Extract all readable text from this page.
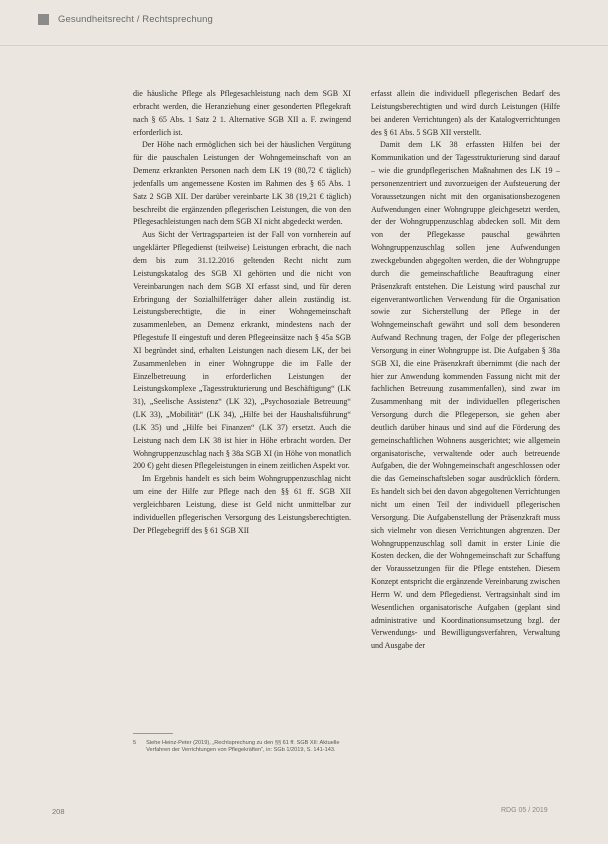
Gesundheitsrecht / Rechtsprechung

die häusliche Pflege als Pflegesachleistung nach dem SGB XI erbracht werden, die Heranziehung einer gesonderten Pflegekraft nach § 65 Abs. 1 Satz 2 1. Alternative SGB XII a. F. zwingend erforderlich ist.

Der Höhe nach ermöglichen sich bei der häuslichen Vergütung für die pauschalen Leistungen der Wohngemeinschaft von an Demenz erkrankten Personen nach dem LK 19 (80,72 € täglich) jedenfalls um angemessene Kosten im Rahmen des § 65 Abs. 1 Satz 2 SGB XII. Der darüber vereinbarte LK 38 (19,21 € täglich) beschreibt die ergänzenden pflegerischen Leistungen, die von den Pflegesachleistungen nach dem SGB XI nicht abgedeckt werden.

Aus Sicht der Vertragsparteien ist der Fall von vornherein auf ungeklärter Pflegedienst (teilweise) Leistungen erbracht, die nach dem bis zum 31.12.2016 geltenden Recht nicht zum Leistungskatalog des SGB XI gehörten und die nicht von Vereinbarungen nach dem SGB XI erfasst sind, und für deren Erbringung der Sozialhilfeträger daher allein zuständig ist. Leistungsberechtigte, die in einer Wohngemeinschaft zusammenleben, an Demenz erkrankt, mindestens nach der Pflegestufe II eingestuft und deren Pflegeeinsätze nach § 45a SGB XI begründet sind, erhalten Leistungen nach diesem LK, der bei Zusammenleben in einer Wohngruppe die im Falle der Einzelbetreuung in erforderlichen Leistungen der Leistungskomplexe „Tagesstrukturierung und Beschäftigung“ (LK 31), „Seelische Assistenz“ (LK 32), „Psychosoziale Betreuung“ (LK 33), „Mobilität“ (LK 34), „Hilfe bei der Haushaltsführung“ (LK 35) und „Hilfe bei Finanzen“ (LK 37) ersetzt. Auch die Leistung nach dem LK 38 ist hier in Höhe erbracht worden. Der Wohngruppenzuschlag nach § 38a SGB XI (in Höhe von monatlich 200 €) geht diesen Pflegeleistungen in einem zeitlichen Aspekt vor.

Im Ergebnis handelt es sich beim Wohngruppenzuschlag nicht um eine der Hilfe zur Pflege nach den §§ 61 ff. SGB XII vergleichbaren Leistung, diese ist Geld nicht unmittelbar zur individuellen pflegerischen Versorgung des Leistungsberechtigten. Der Pflegebegriff des § 61 SGB XII

erfasst allein die individuell pflegerischen Bedarf des Leistungsberechtigten und wird durch Leistungen (Hilfe bei anderen Verrichtungen) als der Katalogverrichtungen des § 61 Abs. 5 SGB XII verstellt.

Damit dem LK 38 erfassten Hilfen bei der Kommunikation und der Tagesstrukturierung sind darauf – wie die grundpflegerischen Maßnahmen des LK 19 – personenzentriert und zuvorzueigen der Aufsteuerung der Voraussetzungen nicht mit den organisationsbezogenen Aufwendungen einer Wohngruppe gleichgesetzt werden, der der Wohngruppenzuschlag abdecken soll. Mit dem von der Pflegekasse pauschal gewährten Wohngruppenzuschlag sollen jene Aufwendungen zweckgebunden abgegolten werden, die der Wohngruppe durch die gemeinschaftliche Beauftragung einer Präsenzkraft entstehen. Die Leistung wird pauschal zur eigenverantwortlichen Verwendung für die Organisation sowie zur Sicherstellung der Pflege in der Wohngemeinschaft gewährt und soll dem besonderen Aufwand Rechnung tragen, der Folge der pflegerischen Versorgung in einer Wohngruppe ist. Die Aufgaben § 38a SGB XI, die eine Präsenzkraft übernimmt (die nach der hier zur Anwendung kommenden Fassung nicht mit der fachlichen Betreuung zusammenfallen), sind zwar im Zusammenhang mit der individuellen pflegerischen Versorgung durch die Pflegeperson, sie gehen aber deutlich darüber hinaus und sind auf die Förderung des gemeinschaftlichen Wohnens ausgerichtet; wie allgemein organisatorische, verwaltende oder auch betreuende Aufgaben, die der Wohngemeinschaft angeschlossen oder die das Gemeinschaftsleben sogar ausdrücklich fördern. Es handelt sich bei den davon abgegoltenen Verrichtungen nicht um einen Teil der individuell pflegerischen Versorgung. Die Aufgabenstellung der Präsenzkraft muss sich vielmehr von diesen Verrichtungen abgrenzen. Der Wohngruppenzuschlag soll damit in erster Linie die Kosten decken, die der Wohngemeinschaft zur Schaffung der Voraussetzungen für die Pflege entstehen. Diesem Konzept entspricht die ergänzende Vereinbarung zwischen Herrn W. und dem Pflegedienst. Vertragsinhalt sind im Wesentlichen organisatorische Aufgaben (geplant sind administrative und Koordinationsumsetzung bzgl. der Verwendungs- und Bewilligungsverfahren, Verwaltung und Ausgabe der

5 Siehe Heinz-Peter (2019), „Rechtsprechung zu den §§ 61 ff. SGB XII: Aktuelle Verfahren der Verrichtungen von Pflegekräften“, in: SGb 1/2019, S. 141-143.
208	RDG 05 / 2019
